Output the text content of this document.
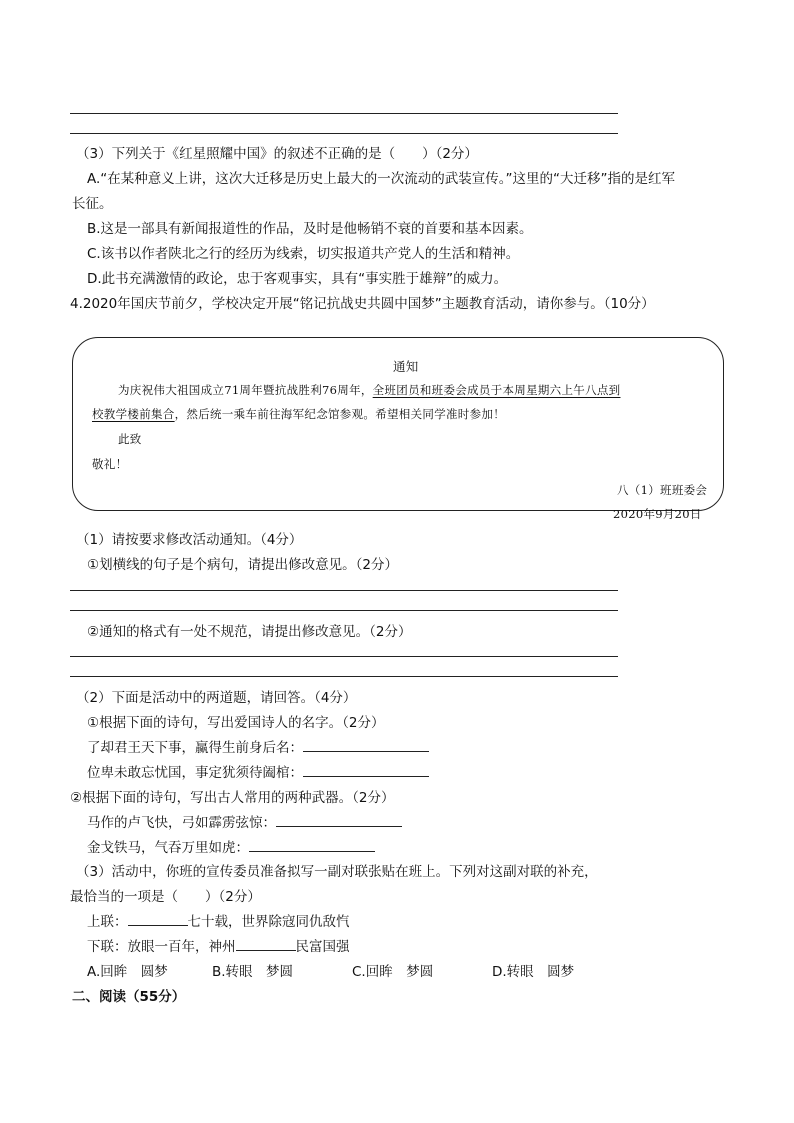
（3）下列关于《红星照耀中国》的叙述不正确的是（　　）（2分）
A.“在某种意义上讲，这次大迁移是历史上最大的一次流动的武装宣传。”这里的“大迁移”指的是红军
长征。
B.这是一部具有新闻报道性的作品，及时是他畅销不衰的首要和基本因素。
C.该书以作者陕北之行的经历为线索，切实报道共产党人的生活和精神。
D.此书充满激情的政论，忠于客观事实，具有“事实胜于雄辩”的威力。
4.2020年国庆节前夕，学校决定开展“铭记抗战史共圆中国梦”主题教育活动，请你参与。（10分）
通知
为庆祝伟大祖国成立71周年暨抗战胜利76周年，全班团员和班委会成员于本周星期六上午八点到
校教学楼前集合，然后统一乘车前往海军纪念馆参观。希望相关同学准时参加！
此致
敬礼！
八（1）班班委会
2020年9月20日
（1）请按要求修改活动通知。（4分）
①划横线的句子是个病句，请提出修改意见。（2分）
②通知的格式有一处不规范，请提出修改意见。（2分）
（2）下面是活动中的两道题，请回答。（4分）
①根据下面的诗句，写出爱国诗人的名字。（2分）
了却君王天下事，赢得生前身后名：
位卑未敢忘忧国，事定犹须待阖棺：
②根据下面的诗句，写出古人常用的两种武器。（2分）
马作的卢飞快，弓如霹雳弦惊：
金戈铁马，气吞万里如虎：
（3）活动中，你班的宣传委员准备拟写一副对联张贴在班上。下列对这副对联的补充，
最恰当的一项是（　　）（2分）
上联：	七十载，世界除寇同仇敌忾
下联：放眼一百年，神州	民富国强
A.回眸　圆梦	B.转眼　梦圆	C.回眸　梦圆	D.转眼　圆梦
二、阅读（55分）
